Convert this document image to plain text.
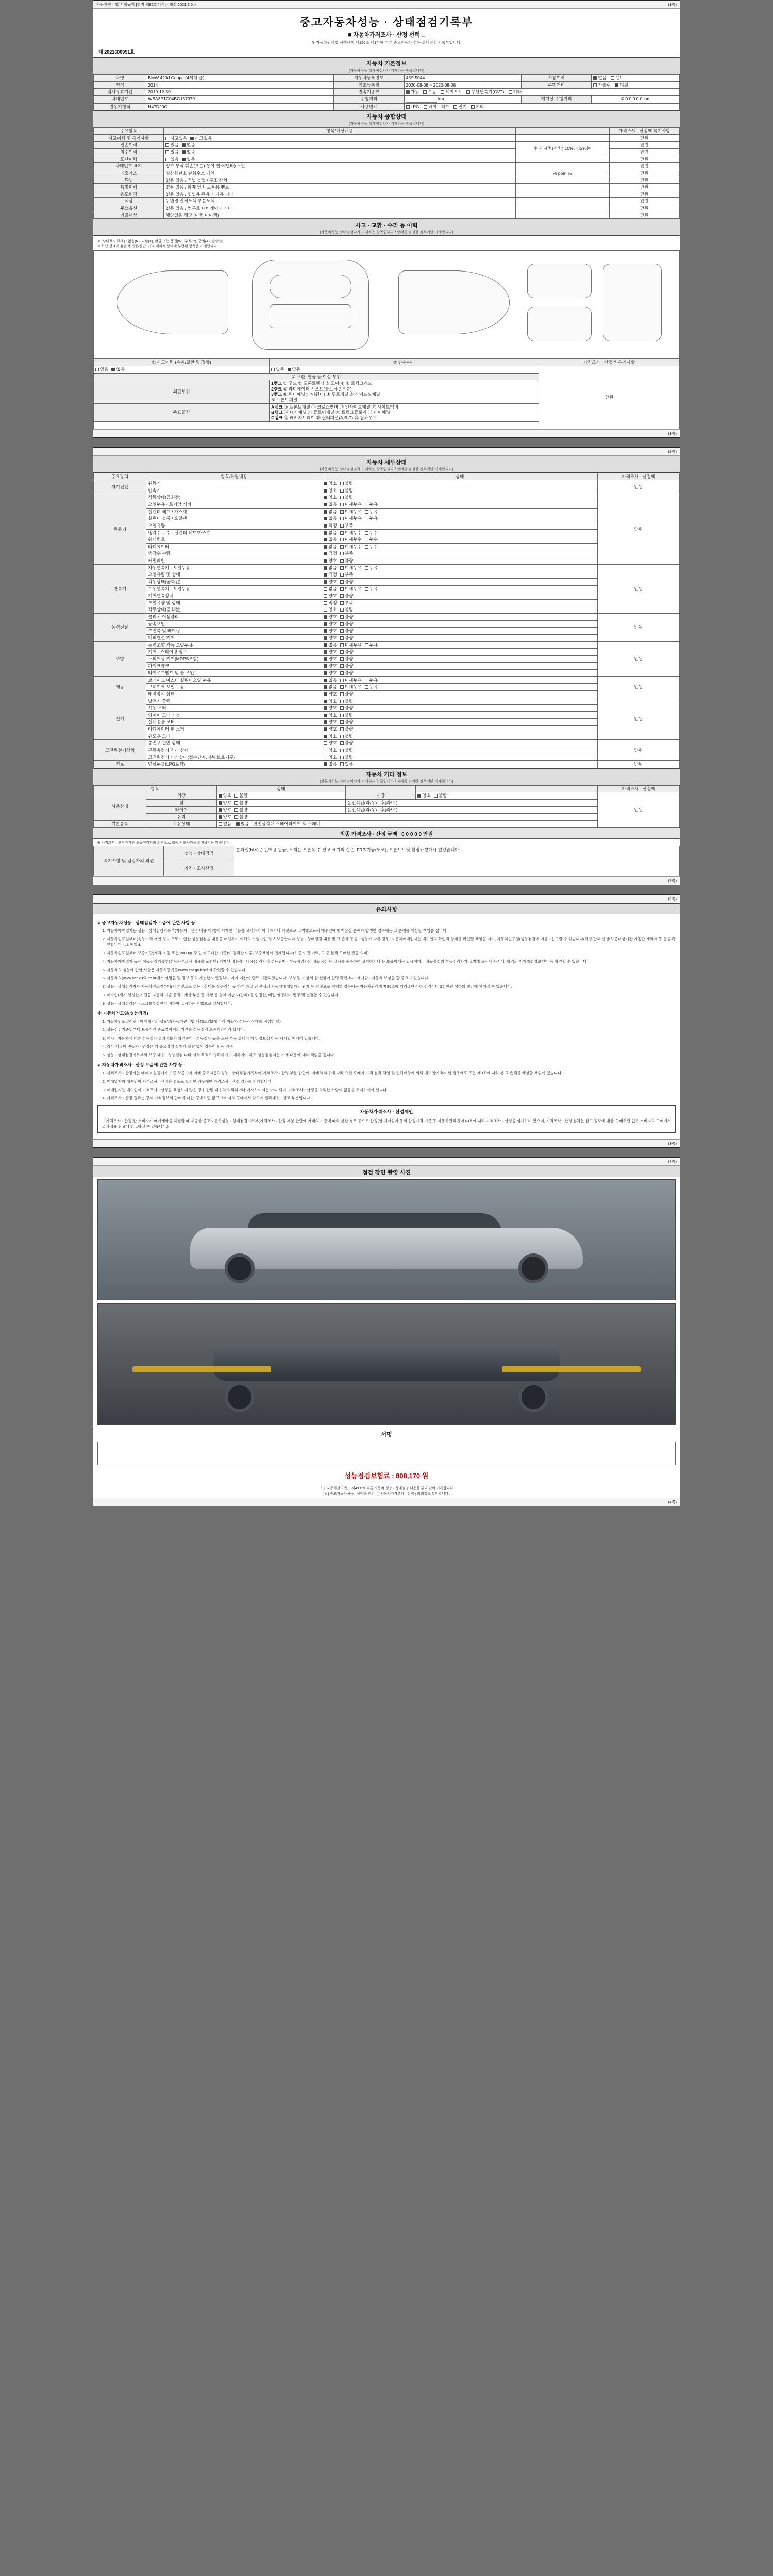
자동차관리법 시행규칙 [별지 제82호서식] <개정 2021.7.6.>	(1쪽)
중고자동차성능 · 상태점검기록부
■ 자동차가격조사 · 산정 선택 □
※ 자동차관리법 시행규칙 제120조 제1항에 따른 중고자동차 성능·상태점검 기록부입니다.
제 2021600951호
자동차 기본정보
(자동차성능·상태점검자가 기재하는 항목입니다)
차명	BMW 420d Coupe (4세대 급)	자동차등록번호	45어5044	사용이력	없음 렌트
연식	2014	최초등록일	2020-08-08 ~ 2020-08-08	주행거리	가솔린 디젤
검사유효기간	2019-12-30	변속기종류	자동 수동 세미오토 무단변속기(CVT) 기타		
차대번호	WBA3P1C04BG157979	주행거리	km	계기상 주행거리	0 0 0 0 0 0 km
원동기형식	N47D20C	사용연료	LPG 하이브리드 전기 기타		
자동차 종합상태
(자동차성능·상태점검자가 기재하는 항목입니다)
주요항목	항목/해당내용		가격조사 · 산정액 특기사항
사고이력 및 특기사항	사고있음 사고없음		만원
전손이력	있음 없음	현재 세차(가치) 10%, 기2%는	만원
침수이력	있음 없음		만원
도난이력	있음 없음		만원
차대번호 표기	양호 부식 훼손(오손) 상이 변조(변타) 도말		만원
배출가스	일산화탄소 탄화수소 매연	% ppm %	만원
튜닝	없음 있음 / 적법 불법 / 구조 장치		만원
특별이력	없음 있음 / 화재 범죄 교육용 렌트		만원
용도변경	없음 있음 / 영업용 관용 자가용 기타		만원
색상	무변경 전체도색 부분도색		만원
주요옵션	없음 있음 / 썬루프 내비게이션 기타		만원
리콜대상	해당없음 해당 (이행 미이행)		만원
사고 · 교환 · 수리 등 이력
(자동차성능·상태점검자가 기재하는 항목입니다 / 상태를 점검한 경우에만 기재합니다)
※ (상태표시 부호) : 없음(N), 교환(X), 판금 또는 용접(W), 부식(C), 균열(A), 손상(U)
※ 하단 상태에 유출적 기준/진단, 기타 객체적 상태에 부합된 항목을 기재합니다.
① 사고이력 (유지/교환 및 접합)	② 단순수리	가격조사 · 산정액 특기사항
있음 없음	있음 없음	만원
② 교환, 판금 등 이상 부위		
외판부위	1랭크 ① 후드 ② 프론트휀더 ③ 도어(4) ④ 트렁크리드
2랭크 ⑤ 라디에이터 서포트(볼트체결부품)
3랭크 ⑥ 쿼터패널(리어휀더) ⑦ 루프패널 ⑧ 사이드실패널
⑨ 프론트패널	

주요골격	A랭크 ⑩ 프론트패널 ⑪ 크로스멤버 ⑫ 인사이드패널 ⑬ 사이드멤버
B랭크 ⑭ 대시패널 ⑮ 플로어패널 ⑯ 트렁크플로어 ⑰ 리어패널
C랭크 ⑱ 패키지트레이 ⑲ 필러패널(A,B,C) ⑳ 휠하우스	

(1쪽)

(2쪽)
자동차 세부상태
(자동차성능·상태점검자가 기재하는 항목입니다 / 상태를 점검한 경우에만 기재합니다)
주요장치	항목/해당내용	상태	가격조사 · 산정액
자기진단	원동기	양호 불량	만원
	변속기	양호 불량	
원동기	작동상태(공회전)	양호 불량	만원
	오일누유 - 로커암 커버	없음 미세누유 누유	
	실린더 헤드 / 가스켓	없음 미세누유 누유	
	실린더 블록 / 오일팬	없음 미세누유 누유	
	오일유량	적정 부족	
	냉각수 누수 - 실린더 헤드/가스켓	없음 미세누수 누수	
	워터펌프	없음 미세누수 누수	
	라디에이터	없음 미세누수 누수	
	냉각수 수량	적정 부족	
	커먼레일	양호 불량	
변속기	자동변속기 - 오일누유	없음 미세누유 누유	만원
	오일유량 및 상태	적정 부족	
	작동상태(공회전)	양호 불량	
	수동변속기 - 오일누유	없음 미세누유 누유	
	기어변속장치	양호 불량	
	오일유량 및 상태	적정 부족	
	작동상태(공회전)	양호 불량	
동력전달	클러치 어셈블리	양호 불량	만원
	등속조인트	양호 불량	
	추진축 및 베어링	양호 불량	
	디퍼렌셜 기어	양호 불량	
조향	동력조향 작동 오일누유	없음 미세누유 누유	만원
	기어 - 스티어링 펌프	양호 불량	
	스티어링 기어(MDPS포함)	양호 불량	
	파워크랭크	양호 불량	
	타이로드엔드 및 볼 조인트	양호 불량	
제동	브레이크 마스터 실린더오일 누유	없음 미세누유 누유	만원
	브레이크 오일 누유	없음 미세누유 누유	
	배력장치 상태	양호 불량	
전기	발전기 출력	양호 불량	만원
	시동 모터	양호 불량	
	와이퍼 모터 기능	양호 불량	
	실내송풍 모터	양호 불량	
	라디에이터 팬 모터	양호 불량	
	윈도우 모터	양호 불량	
고전원전기장치	충전구 절연 상태	양호 불량	만원
	구동축전지 격리 상태	양호 불량	
	고전원전기배선 상태(접속단자,피복,보호기구)	양호 불량	
연료	연료누출(LPG포함)	없음 있음	만원
자동차 기타 정보
(자동차성능·상태점검자가 기재하는 항목입니다 / 상태를 점검한 경우에만 기재합니다)
항목		상태			가격조사 · 산정액
사용상태	외장	양호 불량	내장	양호 불량	만원
	휠	양호 불량	운전석전(좌/우) · 후(좌/우)		
	타이어	양호 불량	운전석전(좌/우) · 후(좌/우)		
	유리	양호 불량			
기본품목	보유상태	없음 있음 안전삼각대 스페어타이어 잭 스패너			
최종 가격조사 · 산정 금액 0 0 0 0 0 만원
※ 가격조사 · 산정가격은 성능점검자의 의견으로 최종 거래가격을 의미하지는 않습니다.
특기사항 및 점검자의 의견	성능 · 상태점검	본파넬(bl-s)은 판매용 판금, 도색은 오른쪽 수 있고 표기의 질은, FRP/기둥(도색), 프론트보닛 훨정하셨다시 없었습니다.
가격 · 조사산정
(2쪽)

(3쪽)
유의사항
◈ 중고자동차성능 · 상태점검자 보증에 관한 사항 등
1. 자동차매매업자는 성능 · 상태점검기록부(자동차 · 산정 내용 제외)에 기재한 내용을 고지하지 아니하거나 거짓으로 고지했으로써 매수인에게 재산상 손해가 발생한 경우에는 그 손해를 배상할 책임을 집니다.
2. 자동차인도일부터(성능가격 개인 정보 오토가 인한 성능점검을 내용을 매입하여 이해의 보험가입 정보 보증합니다 성능 · 상태점검 내용 및 그 손해 등을 · 성능가 다른 경우, 자동차매매업자는 매수인의 확인과 상태를 확인할 책임을 지며, 자동차인도일(성능점검에 이름 · 신고할 수 있습니다(해당 단체 신청(보증대상기간 기업간 계약에 등 등을 확인합니다 · 그 책임)).
3. 자동차인도일부터 보증기간(가격 30일 또는 2000㎞ 중 먼저 도래한 기준)이 경과한 이후, 보증책임이 면제됩니다(보증 이전 이력, 그 중 본적 도래한 것을 의미).
4. 자동차매매업자 등은 성능점검기록부(성능가격조사 내용을 포함한) 기재된 내용을 · 내용(검검지식 성능판매 · 성능점검자의 성능점검 등 고시를 준수하여 고지하거나 등 보증함에는 있음이며, · 성능점검의 성능점검자가 고지해 고시에 목적에, 합격의 자기법령정보센터 등 확인할 수 있습니다.
5. 자동차의 성능에 관한 사항은 자동차등록증(www.car.go.kr)에서 확인할 수 있습니다.
6. 자동차의(www.car.kr)의 go.kr에서 설명을 및 정보 등의 기능한지 인정하여 자가 기간이 만료 기간되었습니다. 보상 및 이상의 한 전항이 설명 확인 부가 제시함 · 자동차 보상을 할 중요가 있습니다.
7. 성능 · 상태점검자가 자동차인도일부터(기 거짓으로 성능 · 상태를 잘못검사 등 하게 하고 된 분쟁의 자동차매매업자의 관계 등 거짓으로 기재한 경우에는 자동차관리법 제80조에 따라 2년 이하 징역이나 2천만원 이하의 벌금에 처해질 수 있습니다.
8. 매수인(제시 인정한 시간을 자동차 기술 물적 · 재산 부분 등 사항 등 함께 기술자(단체) 등 인정한, 비밀 설명하며 변경 및 변경할 수 있습니다.
9. 성능 · 상태점검은 국토교통부장관이 정하여 고시하는 방법으로 실시합니다.
※ 자동차인도일(성능점검)
1. 자동차인도일이란 · 매매계약의 성립일(자동차관리법 제43조의2에 따라 자동차 성능과 상태를 점검한 날)
2. 성능점검기준일부터 보증기간 종료일까지의 기간을 성능점검 보증기간이라 합니다.
3. 제시 · 자동차에 대한 성능검사 결과정보가 확인한다 · 성능검사 등을 도난 성능 상태이 거짓 정보검사 등 제시할 책임이 있습니다.
4. 검사 거짓이 변동가 · 변경은 기 중요장치 실제가 불량 없이 경우이 되는 경우
5. 성능 · 상태점검기록부의 보증 내용 · 성능점검 나타 제작 목적으 명확하게 기재하여야 하고 성능점검자는 기재 내용에 대해 책임을 집니다.
◈ 자동차가격조사 · 산정 보증에 관한 사항 등
1. 가격조사 · 산정자는 매매(1 실질기가 보증 보증기가 이래 중고자동차성능 · 상태점검기록부에(가격조사 · 산정 부분 한단에, 거래의 내용에 따라 요건 도래기 가격 결과 책임 및 손해배상에 의뢰 매수인에 부여한 경우에도 또는 제3조에 따라 본 그 손해를 배상할 책임이 있습니다.
2. 매매업자와 매수인이 가격조사 · 산정을 별도로 요청한 경우에만 가격조사 · 산정 결과를 기재합니다.
3. 매매업자는 매수인이 가격조사 · 산정을 요청하지 않은 경우 관련 내용의 의뢰하거나 기재하여서는 아니 되며, 가격조사 · 산정을 의뢰한 사항이 없음을 고지하여야 합니다.
4. 가격조사 · 산정 결과는 강제 가격정보의 판매에 대한 '구매하던 없고 소비자의 구매에서 참고에 결과내용 · 참고 부분입니다.
자동차가격조사 · 산정제안
「가격조사 · 산정(한 소비자가 매매계약을 체결할 때 제공한 중고자동차성능 · 상태점검기록부(가격조사 · 산정 부분 한단에 거래의 기준에 따라 본한 경우 등으로 산정(한 매매업자 등의 산정가격 기준 등 자동차관리법 제43조에 따라 가격조사 · 산정을 실시하며 있으며, 가격조사 · 산정 결과는 참고 정보에 대한 '구매하던 없고 소비자의 구매에서 결과내용 참고에 참고하실 수 있습니다.)
(3쪽)

(4쪽)
점검 장면 촬영 사진
서명
성능점검보험료 : 808,170 원
「 」자동차관리법」 제43조에 따른 자동차 성능 · 상태점검 내용을 위와 같이 기록합니다.
[ ∨ ] 중고자동차성능 · 상태를 권리, [ ] 자동차가격조사 · 산정 ( 의뢰정보 확인합니다 .
(4쪽)
